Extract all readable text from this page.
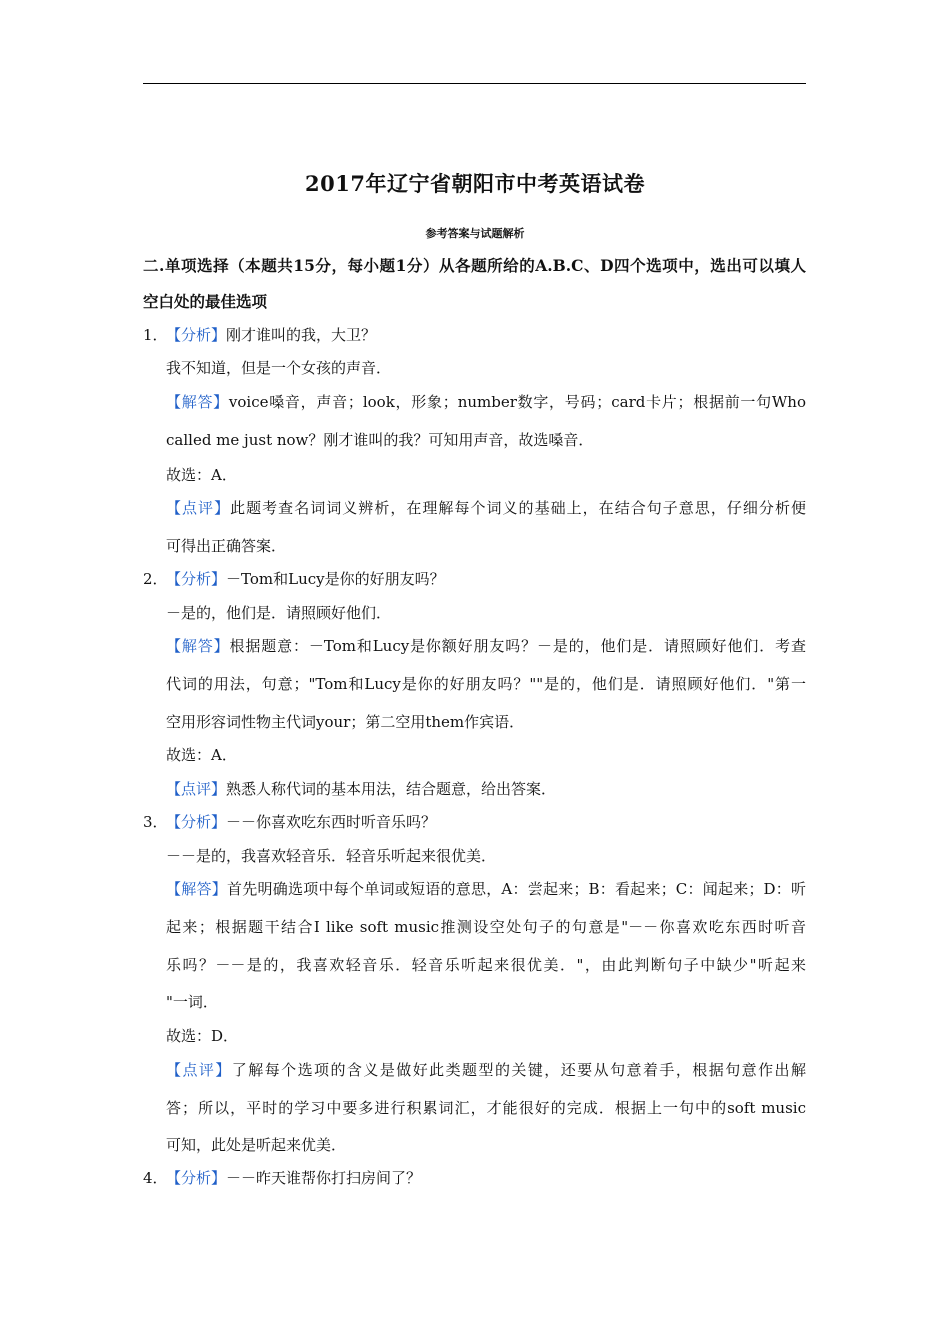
2017年辽宁省朝阳市中考英语试卷
参考答案与试题解析
二.单项选择（本题共15分，每小题1分）从各题所给的A.B.C、D四个选项中，选出可以填人
空白处的最佳选项
1．
【分析】刚才谁叫的我，大卫？
我不知道，但是一个女孩的声音．
【解答】voice嗓音，声音；look，形象；number数字，号码；card卡片；根据前一句Who
called me just now？刚才谁叫的我？可知用声音，故选嗓音．
故选：A．
【点评】此题考查名词词义辨析，在理解每个词义的基础上，在结合句子意思，仔细分析便
可得出正确答案．
2．
【分析】－Tom和Lucy是你的好朋友吗？
－是的，他们是．请照顾好他们．
【解答】根据题意：－Tom和Lucy是你额好朋友吗？－是的，他们是．请照顾好他们．考查
代词的用法，句意；"Tom和Lucy是你的好朋友吗？""是的，他们是．请照顾好他们．"第一
空用形容词性物主代词your；第二空用them作宾语．
故选：A．
【点评】熟悉人称代词的基本用法，结合题意，给出答案．
3．
【分析】－－你喜欢吃东西时听音乐吗？
－－是的，我喜欢轻音乐．轻音乐听起来很优美．
【解答】首先明确选项中每个单词或短语的意思，A：尝起来；B：看起来；C：闻起来；D：听
起来；根据题干结合I like soft music推测设空处句子的句意是"－－你喜欢吃东西时听音
乐吗？－－是的，我喜欢轻音乐．轻音乐听起来很优美．"，由此判断句子中缺少"听起来
"一词．
故选：D．
【点评】了解每个选项的含义是做好此类题型的关键，还要从句意着手，根据句意作出解
答；所以，平时的学习中要多进行积累词汇，才能很好的完成．根据上一句中的soft music
可知，此处是听起来优美．
4．
【分析】－－昨天谁帮你打扫房间了？
